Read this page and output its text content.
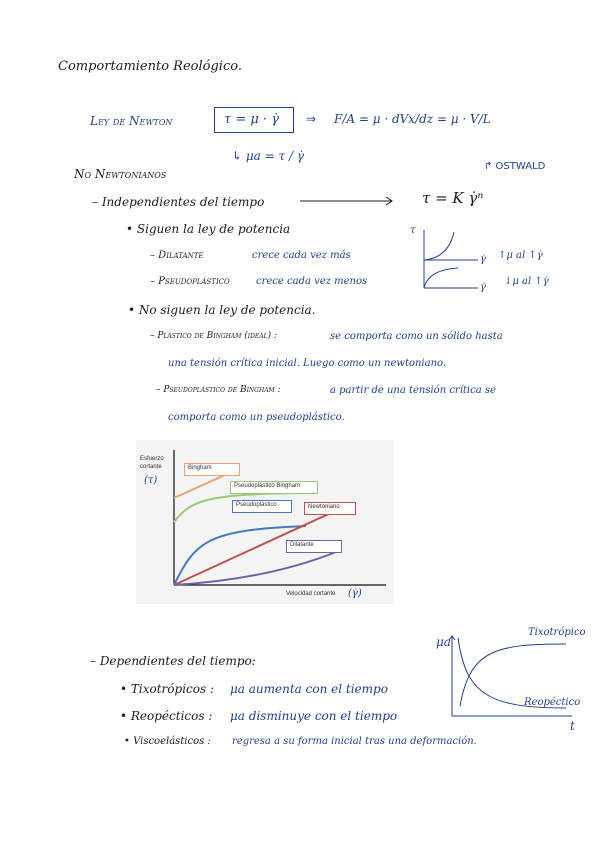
Comportamiento Reológico.
Ley de Newton	τ = μ · γ̇ ⇒ F/A = μ · dVx/dz = μ · V/L
↳ μa = τ / γ̇
No Newtonianos
↱ OSTWALD
– Independientes del tiempo	τ = K γ̇ⁿ
• Siguen la ley de potencia
– Dilatante	crece cada vez más
– Pseudoplástico	crece cada vez menos
τ
γ̇
γ̇
↑μ al ↑γ̇
↓μ al ↑γ̇
• No siguen la ley de potencia.
– Plástico de Bingham (ideal) :	se comporta como un sólido hasta
una tensión crítica inicial. Luego como un newtoniano.
– Pseudoplástico de Bingham :	a partir de una tensión crítica se
comporta como un pseudoplástico.
Esfuerzo
cortante
(τ)
Velocidad cortante (γ̇)
Bingham
Pseudoplástico Bingham
Pseudoplástico	Newtoniano
Dilatante
– Dependientes del tiempo:
• Tixotrópicos : μa aumenta con el tiempo
• Reopécticos : μa disminuye con el tiempo
• Viscoelásticos : regresa a su forma inicial tras una deformación.
μa
t
Tixotrópico
Reopéctico
